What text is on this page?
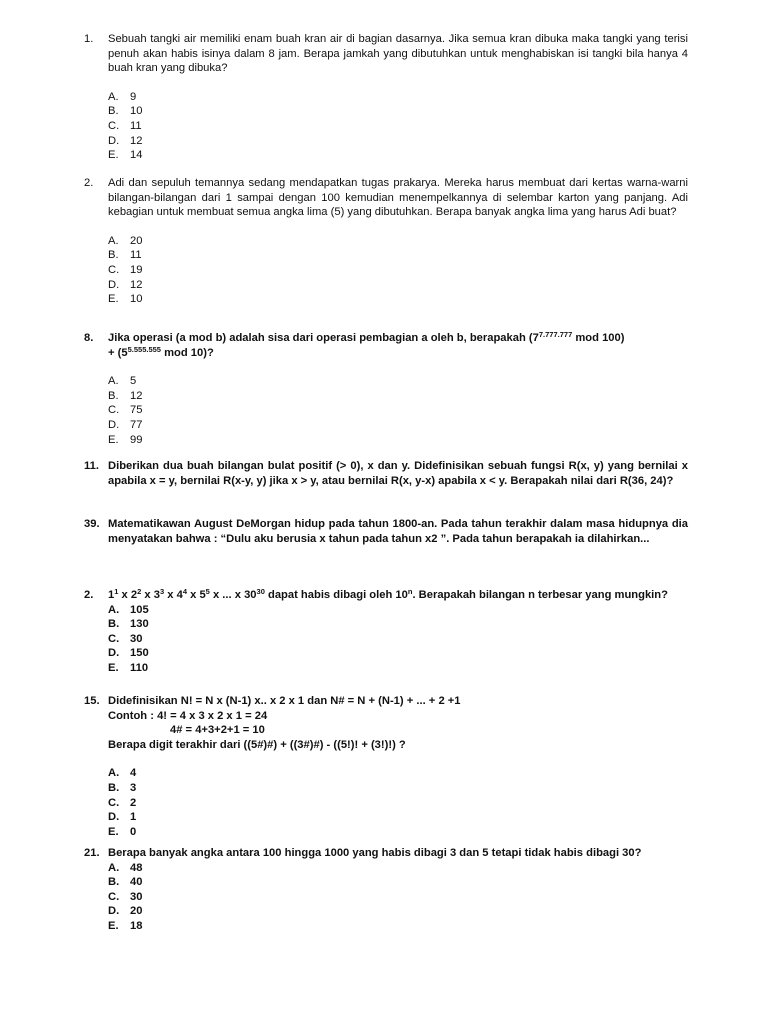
1.	Sebuah tangki air memiliki enam buah kran air di bagian dasarnya. Jika semua kran dibuka maka tangki yang terisi penuh akan habis isinya dalam 8 jam. Berapa jamkah yang dibutuhkan untuk menghabiskan isi tangki bila hanya 4 buah kran yang dibuka?
A.	9
B.	10
C. 11
D. 12
E.	14
2.	Adi dan sepuluh temannya sedang mendapatkan tugas prakarya. Mereka harus membuat dari kertas warna-warni bilangan-bilangan dari 1 sampai dengan 100 kemudian menempelkannya di selembar karton yang panjang. Adi kebagian untuk membuat semua angka lima (5) yang dibutuhkan. Berapa banyak angka lima yang harus Adi buat?
A.	20
B.	11
C. 19
D. 12
E.	10
8.	Jika operasi (a mod b) adalah sisa dari operasi pembagian a oleh b, berapakah ($7^{7.777.777}$ mod 100)
+ ($5^{5.555.555}$ mod 10)?
A.	5
B.	12
C. 75
D. 77
E.	99
11. Diberikan dua buah bilangan bulat positif (> 0), x dan y. Didefinisikan sebuah fungsi R(x, y) yang bernilai x apabila x = y, bernilai R(x-y, y) jika x > y, atau bernilai R(x, y-x) apabila x < y. Berapakah nilai dari R(36, 24)?
39. Matematikawan August DeMorgan hidup pada tahun 1800-an. Pada tahun terakhir dalam masa hidupnya dia menyatakan bahwa : “Dulu aku berusia x tahun pada tahun x2 ”. Pada tahun berapakah ia dilahirkan...
2.	$1^1$ x $2^2$ x $3^3$ x $4^4$ x $5^5$ x ... x $30^{30}$ dapat habis dibagi oleh 10$^n$. Berapakah bilangan n terbesar yang mungkin?
A. 105
B. 130
C. 30
D. 150
E.	110
15. Didefinisikan N! = N x (N-1) x.. x 2 x 1 dan N# = N + (N-1) + ... + 2 +1
Contoh : 4! = 4 x 3 x 2 x 1 = 24
4# = 4+3+2+1 = 10
Berapa digit terakhir dari ((5#)#) + ((3#)#) - ((5!)! + (3!)!) ?
A. 4
B. 3
C. 2
D. 1
E.	0
21. Berapa banyak angka antara 100 hingga 1000 yang habis dibagi 3 dan 5 tetapi tidak habis dibagi 30?
A. 48
B. 40
C. 30
D. 20
E.	18
